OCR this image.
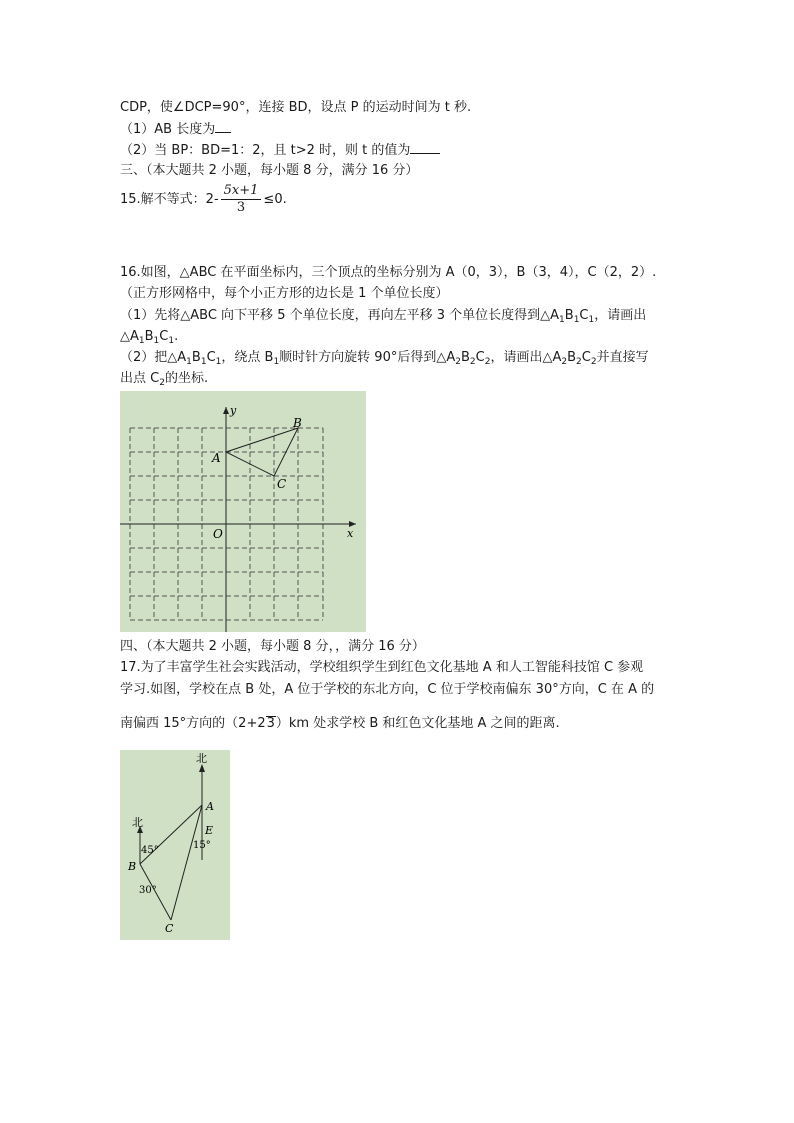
CDP，使∠DCP=90°，连接 BD，设点 P 的运动时间为 t 秒.
（1）AB 长度为
（2）当 BP：BD=1：2，且 t>2 时，则 t 的值为
三、（本大题共 2 小题，每小题 8 分，满分 16 分）
15.解不等式：$2- \frac{5x+1}{3} \le 0$.
16.如图，△ABC 在平面坐标内，三个顶点的坐标分别为 A（0，3），B（3，4），C（2，2）.
（正方形网格中，每个小正方形的边长是 1 个单位长度）
（1）先将△ABC 向下平移 5 个单位长度，再向左平移 3 个单位长度得到$\triangle A_1B_1C_1$，请画出
$\triangle A_1B_1C_1$.
（2）把$\triangle A_1B_1C_1$，绕点 $B_1$顺时针方向旋转 90°后得到$\triangle A_2B_2C_2$，请画出$\triangle A_2B_2C_2$并直接写
出点 $C_2$的坐标.
A
B
C
O	x
y
四、（本大题共 2 小题，每小题 8 分，，满分 16 分）
17.为了丰富学生社会实践活动，学校组织学生到红色文化基地 A 和人工智能科技馆 C 参观
学习.如图，学校在点 B 处，A 位于学校的东北方向，C 位于学校南偏东 30°方向，C 在 A 的
南偏西 15°方向的（2+23）km 处求学校 B 和红色文化基地 A 之间的距离.
北
北
A
B
C
E
45°	15°
30°
